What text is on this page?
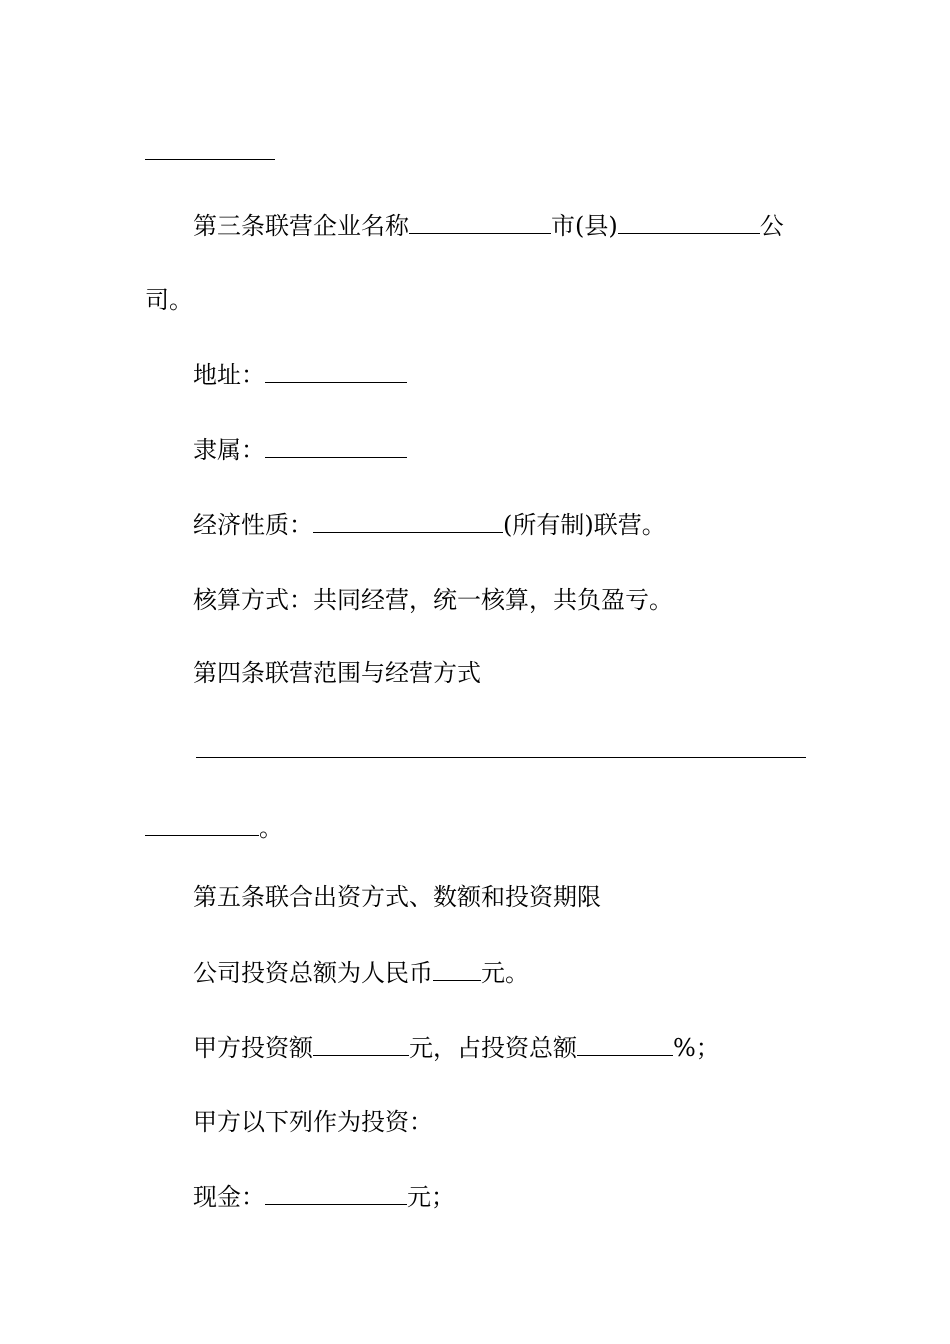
第三条联营企业名称	市(县)	公
司。
地址：
隶属：
经济性质：	(所有制)联营。
核算方式：共同经营，统一核算，共负盈亏。
第四条联营范围与经营方式
。
第五条联合出资方式、数额和投资期限
公司投资总额为人民币 元。
甲方投资额	元，占投资总额	%；
甲方以下列作为投资：
现金：	元；
